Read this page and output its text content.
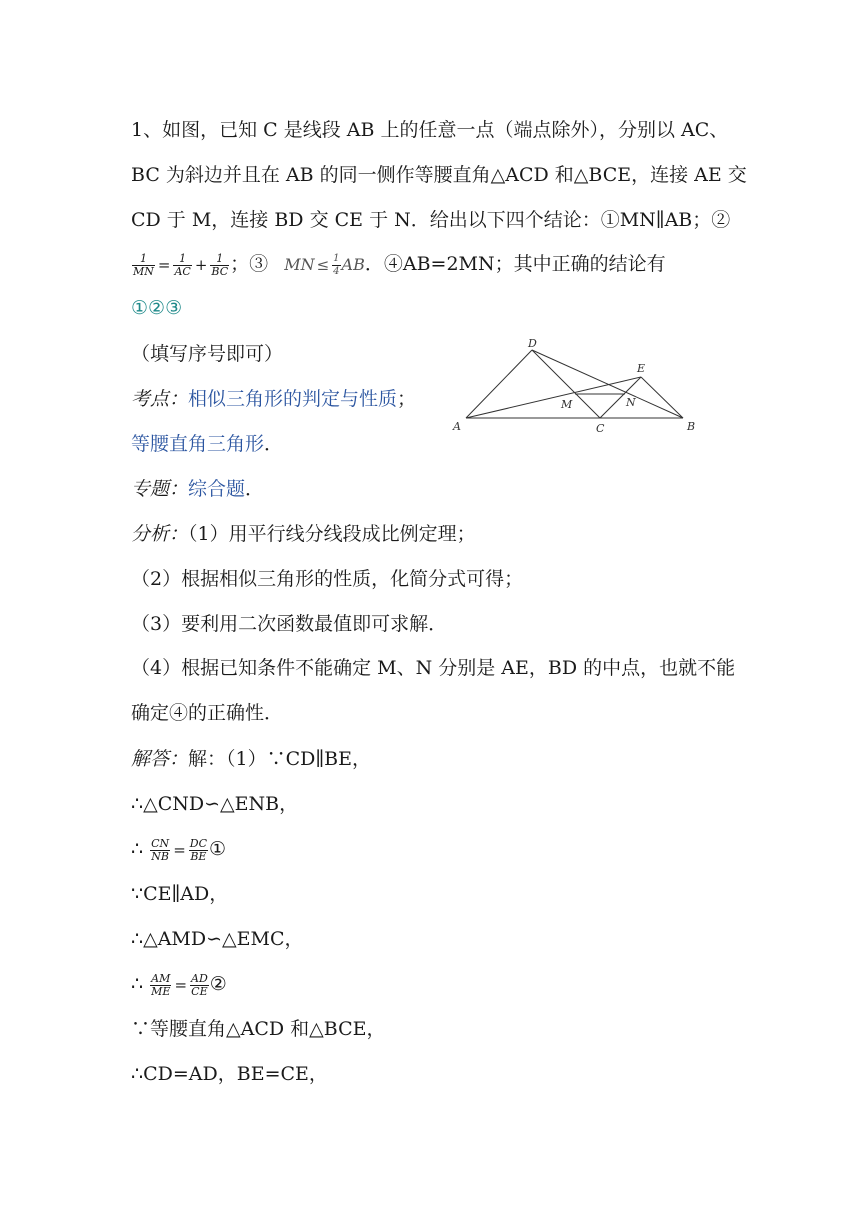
1、如图，已知 C 是线段 AB 上的任意一点（端点除外），分别以 AC、
BC 为斜边并且在 AB 的同一侧作等腰直角△ACD 和△BCE，连接 AE 交
CD 于 M，连接 BD 交 CE 于 N．给出以下四个结论：①MN∥AB；②
$\frac{1}{MN} = \frac{1}{AC} + \frac{1}{BC}$ ；③ MN ≤ $\frac{1}{4}$ AB．④AB=2MN；其中正确的结论有
①②③
（填写序号即可）
考点：相似三角形的判定与性质；
等腰直角三角形．
专题：综合题．
分析：（1）用平行线分线段成比例定理；
（2）根据相似三角形的性质，化简分式可得；
（3）要利用二次函数最值即可求解．
（4）根据已知条件不能确定 M、N 分别是 AE，BD 的中点，也就不能
确定④的正确性．
解答：解：（1）∵CD∥BE，
∴△CND∽△ENB，
∴ $\frac{CN}{NB} = \frac{DC}{BE}$ ①
∵CE∥AD，
∴△AMD∽△EMC，
∴ $\frac{AM}{ME} = \frac{AD}{CE}$ ②
∵等腰直角△ACD 和△BCE，
∴CD=AD，BE=CE，
D
E
M	N
A	C	B
